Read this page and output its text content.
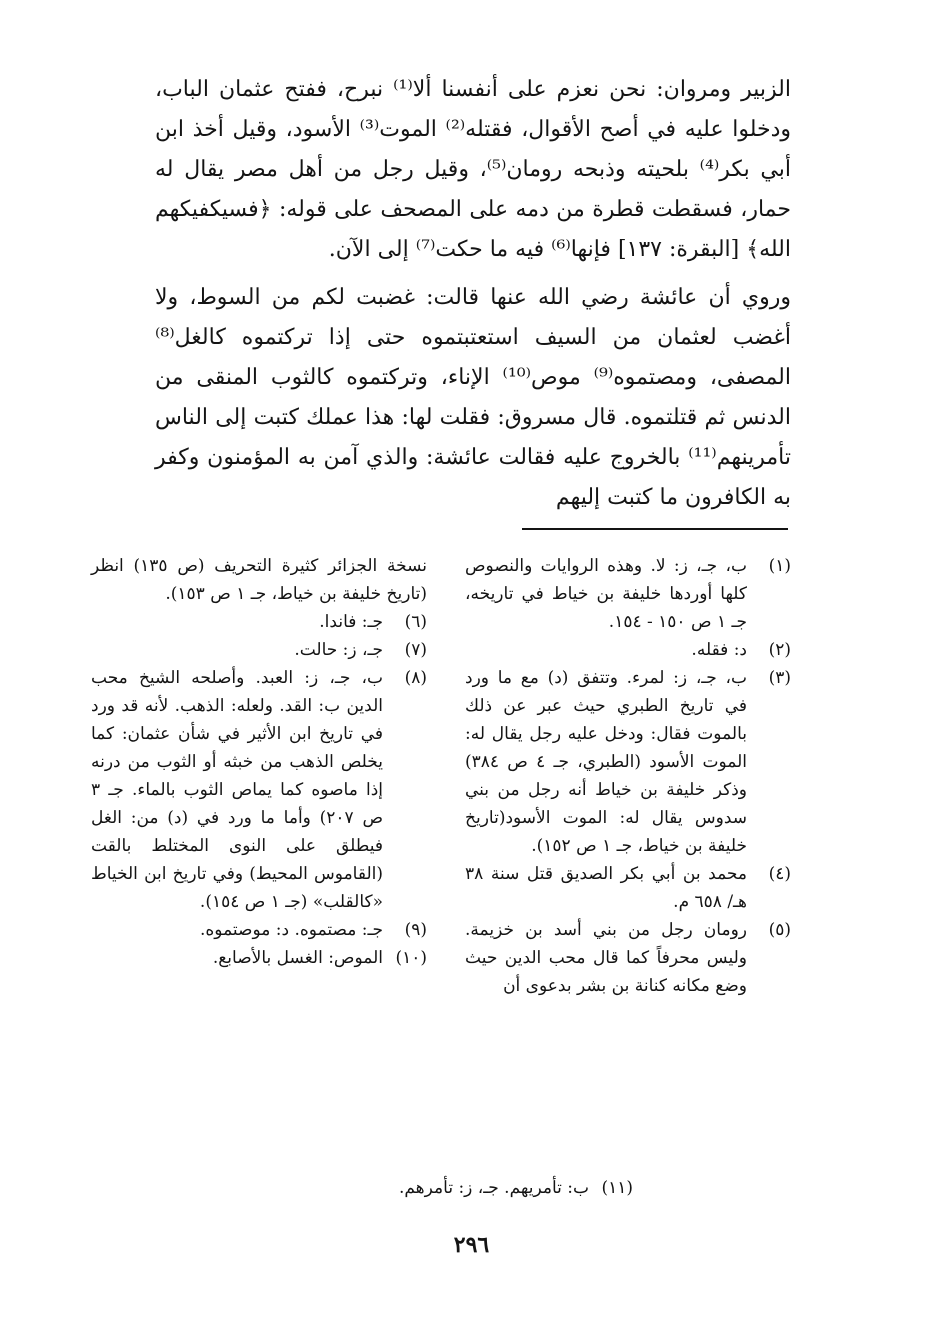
الزبير ومروان: نحن نعزم على أنفسنا ألا⁽¹⁾ نبرح، ففتح عثمان الباب، ودخلوا عليه في أصح الأقوال، فقتله⁽²⁾ الموت⁽³⁾ الأسود، وقيل أخذ ابن أبي بكر⁽⁴⁾ بلحيته وذبحه رومان⁽⁵⁾، وقيل رجل من أهل مصر يقال له حمار، فسقطت قطرة من دمه على المصحف على قوله: ﴿فسيكفيكهم الله﴾ [البقرة: ١٣٧] فإنها⁽⁶⁾ فيه ما حكت⁽⁷⁾ إلى الآن.

وروي أن عائشة رضي الله عنها قالت: غضبت لكم من السوط، ولا أغضب لعثمان من السيف استعتبتموه حتى إذا تركتموه كالغل⁽⁸⁾ المصفى، ومصتموه⁽⁹⁾ موص⁽¹⁰⁾ الإناء، وتركتموه كالثوب المنقى من الدنس ثم قتلتموه. قال مسروق: فقلت لها: هذا عملك كتبت إلى الناس تأمرينهم⁽¹¹⁾ بالخروج عليه فقالت عائشة: والذي آمن به المؤمنون وكفر به الكافرون ما كتبت إليهم

(١)
ب، جـ، ز: لا. وهذه الروايات والنصوص كلها أوردها خليفة بن خياط في تاريخه، جـ ١ ص ١٥٠ - ١٥٤.
(٢)
د: فقله.
(٣)
ب، جـ، ز: لمرء. وتتفق (د) مع ما ورد في تاريخ الطبري حيث عبر عن ذلك بالموت فقال: ودخل عليه رجل يقال له: الموت الأسود (الطبري، جـ ٤ ص ٣٨٤) وذكر خليفة بن خياط أنه رجل من بني سدوس يقال له: الموت الأسود(تاريخ خليفة بن خياط، جـ ١ ص ١٥٢).
(٤)
محمد بن أبي بكر الصديق قتل سنة ٣٨ هـ/ ٦٥٨ م.
(٥)
رومان رجل من بني أسد بن خزيمة. وليس محرفاً كما قال محب الدين حيث وضع مكانه كنانة بن بشر بدعوى أن
نسخة الجزائر كثيرة التحريف (ص ١٣٥) انظر (تاريخ خليفة بن خياط، جـ ١ ص ١٥٣).
(٦)
جـ: فاندا.
(٧)
جـ، ز: حالت.
(٨)
ب، جـ، ز: العبد. وأصلحه الشيخ محب الدين ب: القد. ولعله: الذهب. لأنه قد ورد في تاريخ ابن الأثير في شأن عثمان: كما يخلص الذهب من خبثه أو الثوب من درنه إذا ماصوه كما يماص الثوب بالماء. جـ ٣ ص ٢٠٧) وأما ما ورد في (د) من: الغل فيطلق على النوى المختلط بالقت (القاموس المحيط) وفي تاريخ ابن الخياط «كالقلب» (جـ ١ ص ١٥٤).
(٩)
جـ: مصتموه. د: موصتموه.
(١٠)
الموص: الغسل بالأصابع.
(١١)
ب: تأمريهم. جـ، ز: تأمرهم.
٢٩٦
